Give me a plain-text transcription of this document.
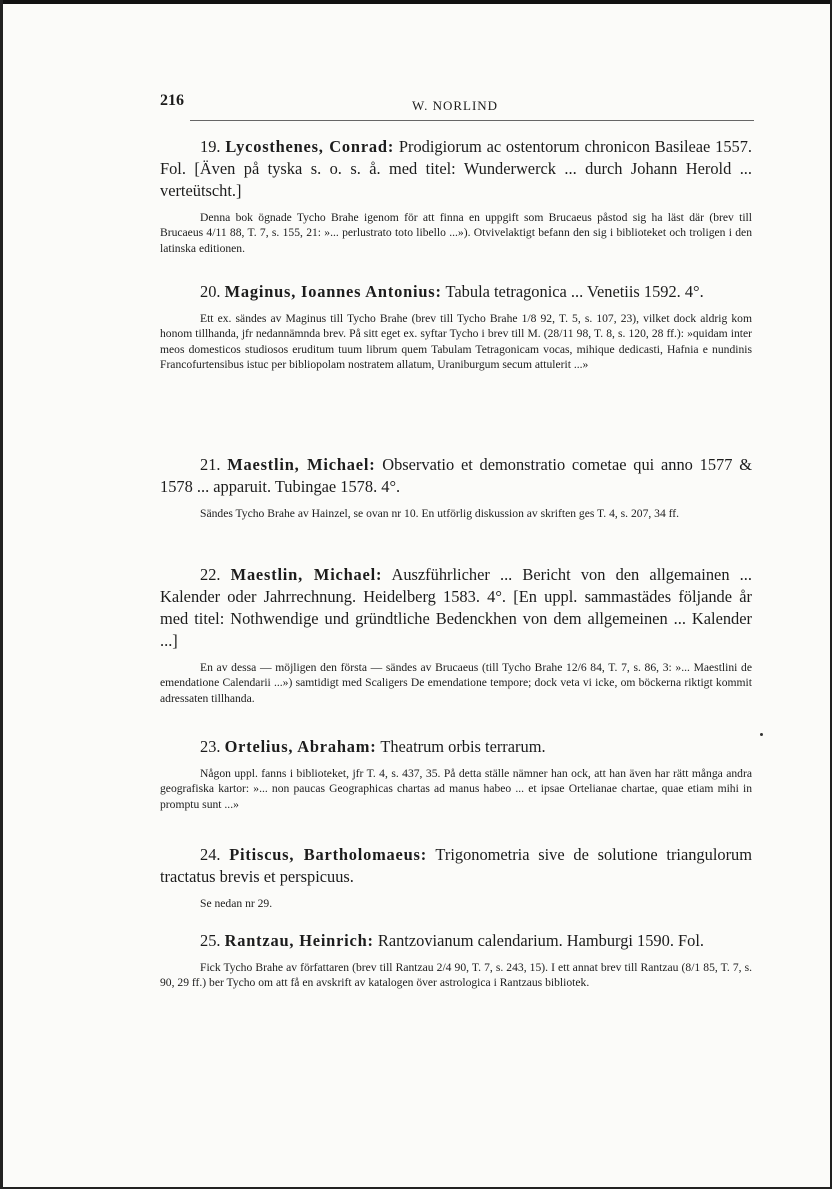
216	W. NORLIND

19. Lycosthenes, Conrad: Prodigiorum ac ostentorum chronicon Basileae 1557. Fol. [Även på tyska s. o. s. å. med titel: Wunderwerck ... durch Johann Herold ... verteütscht.]

Denna bok ögnade Tycho Brahe igenom för att finna en uppgift som Brucaeus påstod sig ha läst där (brev till Brucaeus 4/11 88, T. 7, s. 155, 21: »... perlustrato toto libello ...»). Otvivelaktigt befann den sig i biblioteket och troligen i den latinska editionen.

20. Maginus, Ioannes Antonius: Tabula tetragonica ... Venetiis 1592. 4°.

Ett ex. sändes av Maginus till Tycho Brahe (brev till Tycho Brahe 1/8 92, T. 5, s. 107, 23), vilket dock aldrig kom honom tillhanda, jfr nedannämnda brev. På sitt eget ex. syftar Tycho i brev till M. (28/11 98, T. 8, s. 120, 28 ff.): »quidam inter meos domesticos studiosos eruditum tuum librum quem Tabulam Tetragonicam vocas, mihique dedicasti, Hafnia e nundinis Francofurtensibus istuc per bibliopolam nostratem allatum, Uraniburgum secum attulerit ...»

21. Maestlin, Michael: Observatio et demonstratio cometae qui anno 1577 & 1578 ... apparuit. Tubingae 1578. 4°.

Sändes Tycho Brahe av Hainzel, se ovan nr 10. En utförlig diskussion av skriften ges T. 4, s. 207, 34 ff.

22. Maestlin, Michael: Auszführlicher ... Bericht von den allgemainen ... Kalender oder Jahrrechnung. Heidelberg 1583. 4°. [En uppl. sammastädes följande år med titel: Nothwendige und gründtliche Bedenckhen von dem allgemeinen ... Kalender ...]

En av dessa — möjligen den första — sändes av Brucaeus (till Tycho Brahe 12/6 84, T. 7, s. 86, 3: »... Maestlini de emendatione Calendarii ...») samtidigt med Scaligers De emendatione tempore; dock veta vi icke, om böckerna riktigt kommit adressaten tillhanda.

23. Ortelius, Abraham: Theatrum orbis terrarum.

Någon uppl. fanns i biblioteket, jfr T. 4, s. 437, 35. På detta ställe nämner han ock, att han även har rätt många andra geografiska kartor: »... non paucas Geographicas chartas ad manus habeo ... et ipsae Ortelianae chartae, quae etiam mihi in promptu sunt ...»

24. Pitiscus, Bartholomaeus: Trigonometria sive de solutione triangulorum tractatus brevis et perspicuus.

Se nedan nr 29.

25. Rantzau, Heinrich: Rantzovianum calendarium. Hamburgi 1590. Fol.

Fick Tycho Brahe av författaren (brev till Rantzau 2/4 90, T. 7, s. 243, 15). I ett annat brev till Rantzau (8/1 85, T. 7, s. 90, 29 ff.) ber Tycho om att få en avskrift av katalogen över astrologica i Rantzaus bibliotek.
